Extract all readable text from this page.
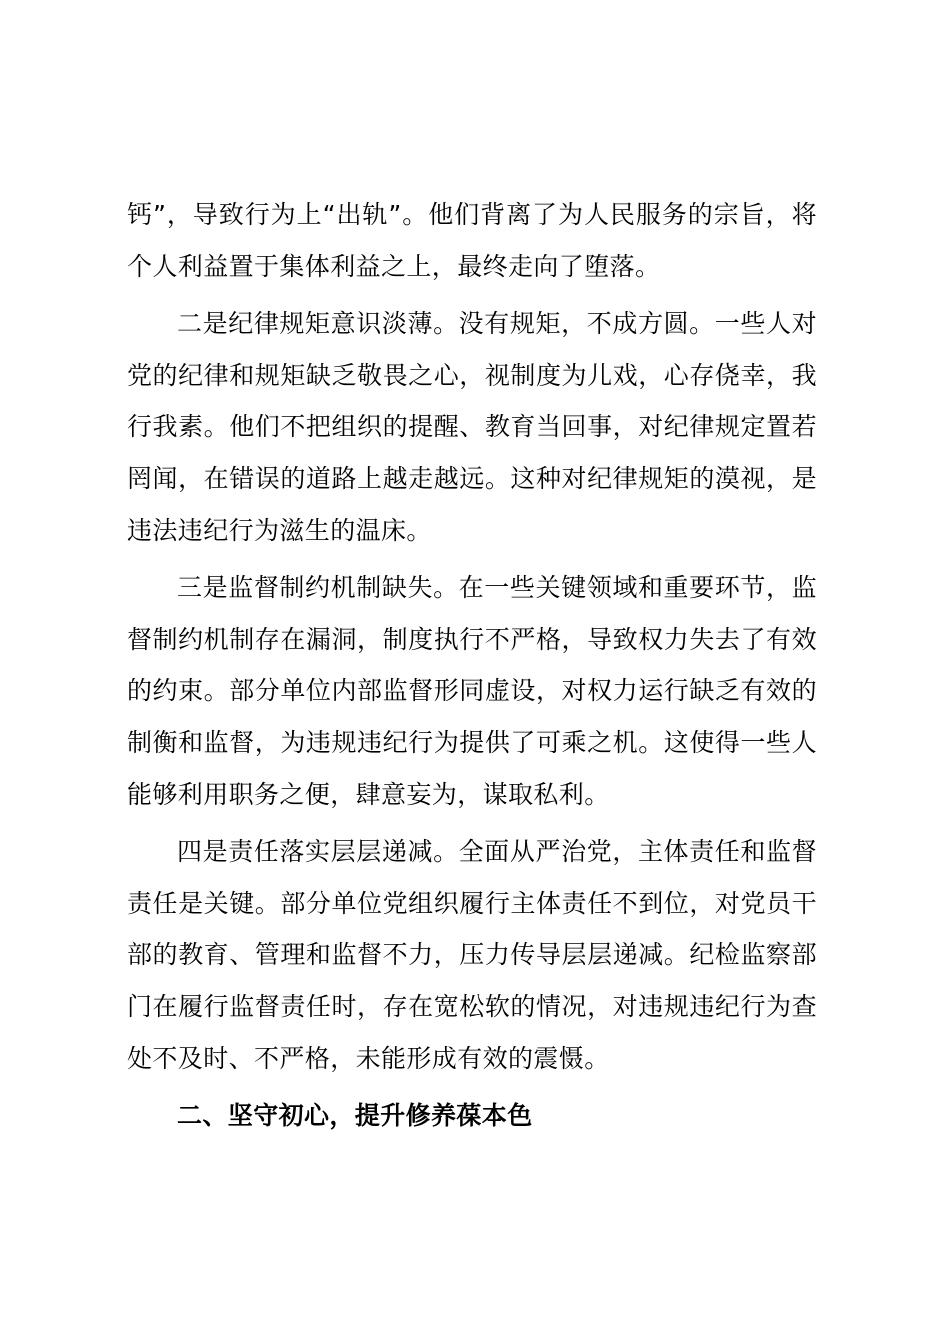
钙”，导致行为上“出轨”。他们背离了为人民服务的宗旨，将个人利益置于集体利益之上，最终走向了堕落。

二是纪律规矩意识淡薄。没有规矩，不成方圆。一些人对党的纪律和规矩缺乏敬畏之心，视制度为儿戏，心存侥幸，我行我素。他们不把组织的提醒、教育当回事，对纪律规定置若罔闻，在错误的道路上越走越远。这种对纪律规矩的漠视，是违法违纪行为滋生的温床。

三是监督制约机制缺失。在一些关键领域和重要环节，监督制约机制存在漏洞，制度执行不严格，导致权力失去了有效的约束。部分单位内部监督形同虚设，对权力运行缺乏有效的制衡和监督，为违规违纪行为提供了可乘之机。这使得一些人能够利用职务之便，肆意妄为，谋取私利。

四是责任落实层层递减。全面从严治党，主体责任和监督责任是关键。部分单位党组织履行主体责任不到位，对党员干部的教育、管理和监督不力，压力传导层层递减。纪检监察部门在履行监督责任时，存在宽松软的情况，对违规违纪行为查处不及时、不严格，未能形成有效的震慑。

二、坚守初心，提升修养葆本色
